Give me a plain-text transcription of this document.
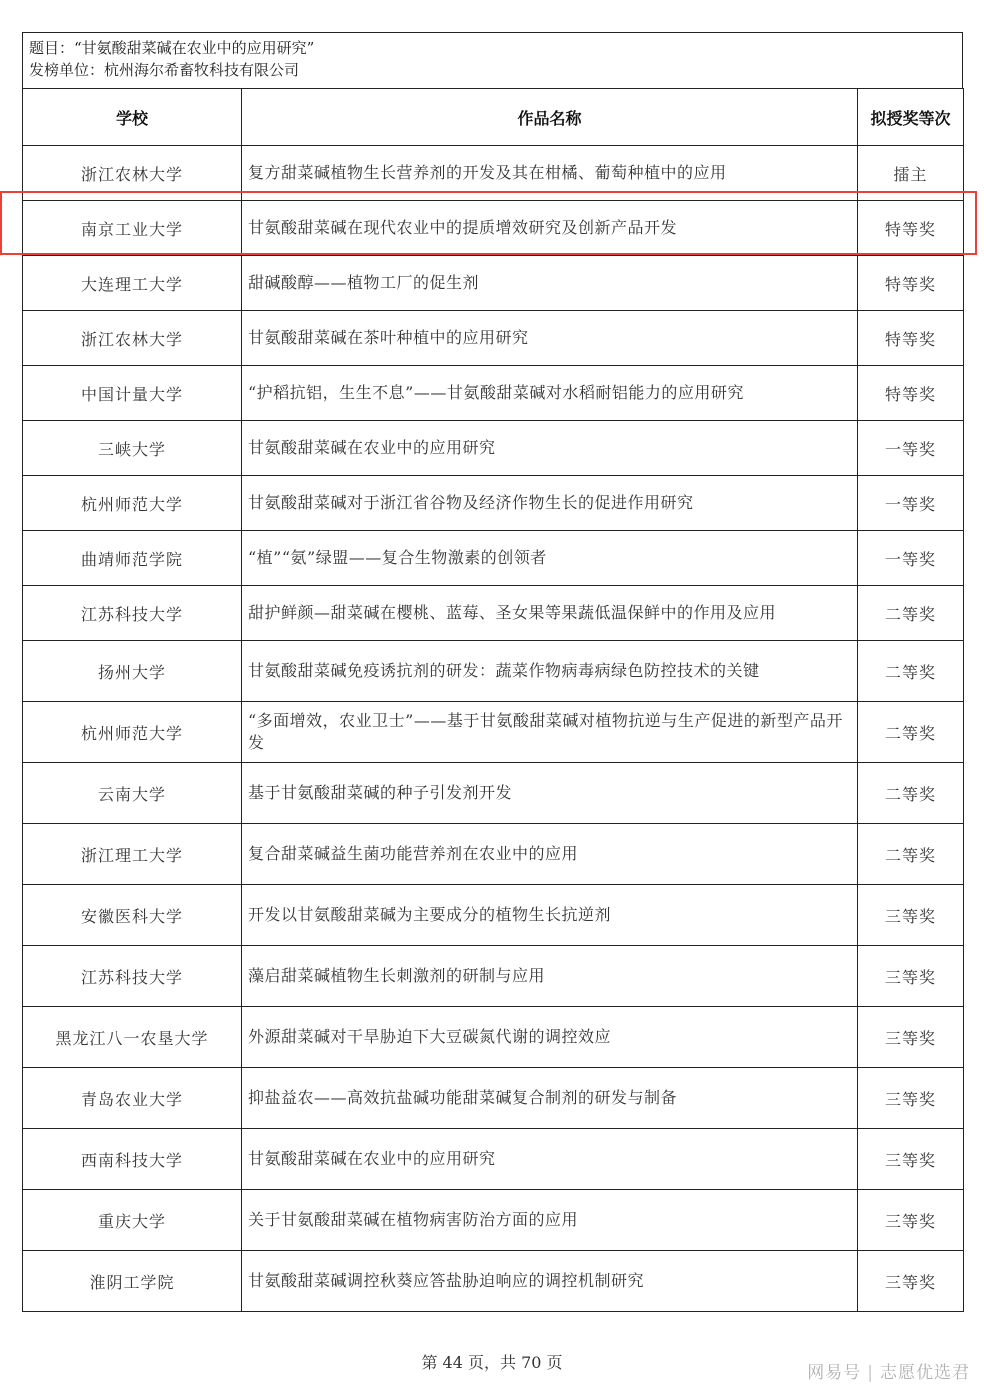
题目：“甘氨酸甜菜碱在农业中的应用研究”
发榜单位：杭州海尔希畜牧科技有限公司
学校	作品名称	拟授奖等次
浙江农林大学	复方甜菜碱植物生长营养剂的开发及其在柑橘、葡萄种植中的应用	擂主
南京工业大学	甘氨酸甜菜碱在现代农业中的提质增效研究及创新产品开发	特等奖
大连理工大学	甜碱酸醇——植物工厂的促生剂	特等奖
浙江农林大学	甘氨酸甜菜碱在茶叶种植中的应用研究	特等奖
中国计量大学	“护稻抗铝，生生不息”——甘氨酸甜菜碱对水稻耐铝能力的应用研究	特等奖
三峡大学	甘氨酸甜菜碱在农业中的应用研究	一等奖
杭州师范大学	甘氨酸甜菜碱对于浙江省谷物及经济作物生长的促进作用研究	一等奖
曲靖师范学院	“植”“氨”绿盟——复合生物激素的创领者	一等奖
江苏科技大学	甜护鲜颜—甜菜碱在樱桃、蓝莓、圣女果等果蔬低温保鲜中的作用及应用	二等奖
扬州大学	甘氨酸甜菜碱免疫诱抗剂的研发：蔬菜作物病毒病绿色防控技术的关键	二等奖
杭州师范大学	“多面增效，农业卫士”——基于甘氨酸甜菜碱对植物抗逆与生产促进的新型产品开发	二等奖
云南大学	基于甘氨酸甜菜碱的种子引发剂开发	二等奖
浙江理工大学	复合甜菜碱益生菌功能营养剂在农业中的应用	二等奖
安徽医科大学	开发以甘氨酸甜菜碱为主要成分的植物生长抗逆剂	三等奖
江苏科技大学	藻启甜菜碱植物生长刺激剂的研制与应用	三等奖
黑龙江八一农垦大学	外源甜菜碱对干旱胁迫下大豆碳氮代谢的调控效应	三等奖
青岛农业大学	抑盐益农——高效抗盐碱功能甜菜碱复合制剂的研发与制备	三等奖
西南科技大学	甘氨酸甜菜碱在农业中的应用研究	三等奖
重庆大学	关于甘氨酸甜菜碱在植物病害防治方面的应用	三等奖
淮阴工学院	甘氨酸甜菜碱调控秋葵应答盐胁迫响应的调控机制研究	三等奖
第 44 页，共 70 页
网易号 | 志愿优选君
